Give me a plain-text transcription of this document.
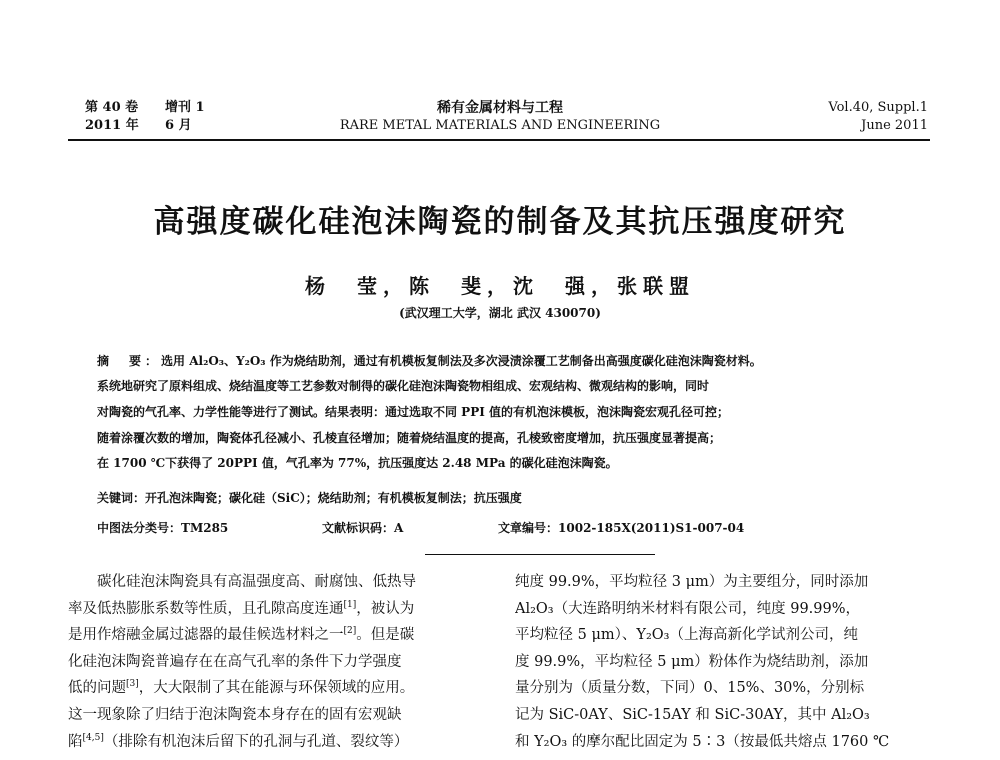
第 40 卷 增刊 1
2011 年 6 月
稀有金属材料与工程
RARE METAL MATERIALS AND ENGINEERING
Vol.40, Suppl.1
June 2011
高强度碳化硅泡沫陶瓷的制备及其抗压强度研究
杨　莹，陈　斐，沈　强，张联盟
(武汉理工大学，湖北 武汉 430070)
摘　要：选用 Al₂O₃、Y₂O₃ 作为烧结助剂，通过有机模板复制法及多次浸渍涂覆工艺制备出高强度碳化硅泡沫陶瓷材料。
系统地研究了原料组成、烧结温度等工艺参数对制得的碳化硅泡沫陶瓷物相组成、宏观结构、微观结构的影响，同时
对陶瓷的气孔率、力学性能等进行了测试。结果表明：通过选取不同 PPI 值的有机泡沫模板，泡沫陶瓷宏观孔径可控；
随着涂覆次数的增加，陶瓷体孔径减小、孔棱直径增加；随着烧结温度的提高，孔棱致密度增加，抗压强度显著提高；
在 1700 ℃下获得了 20PPI 值，气孔率为 77%，抗压强度达 2.48 MPa 的碳化硅泡沫陶瓷。
关键词：开孔泡沫陶瓷；碳化硅（SiC）；烧结助剂；有机模板复制法；抗压强度
中图法分类号：TM285	文献标识码：A	文章编号：1002-185X(2011)S1-007-04
碳化硅泡沫陶瓷具有高温强度高、耐腐蚀、低热导
率及低热膨胀系数等性质，且孔隙高度连通[1]，被认为
是用作熔融金属过滤器的最佳候选材料之一[2]。但是碳
化硅泡沫陶瓷普遍存在在高气孔率的条件下力学强度
低的问题[3]，大大限制了其在能源与环保领域的应用。
这一现象除了归结于泡沫陶瓷本身存在的固有宏观缺
陷[4,5]（排除有机泡沫后留下的孔洞与孔道、裂纹等）
纯度 99.9%，平均粒径 3 μm）为主要组分，同时添加
Al₂O₃（大连路明纳米材料有限公司，纯度 99.99%，
平均粒径 5 μm）、Y₂O₃（上海高新化学试剂公司，纯
度 99.9%，平均粒径 5 μm）粉体作为烧结助剂，添加
量分别为（质量分数，下同）0、15%、30%，分别标
记为 SiC-0AY、SiC-15AY 和 SiC-30AY，其中 Al₂O₃
和 Y₂O₃ 的摩尔配比固定为 5∶3（按最低共熔点 1760 ℃
